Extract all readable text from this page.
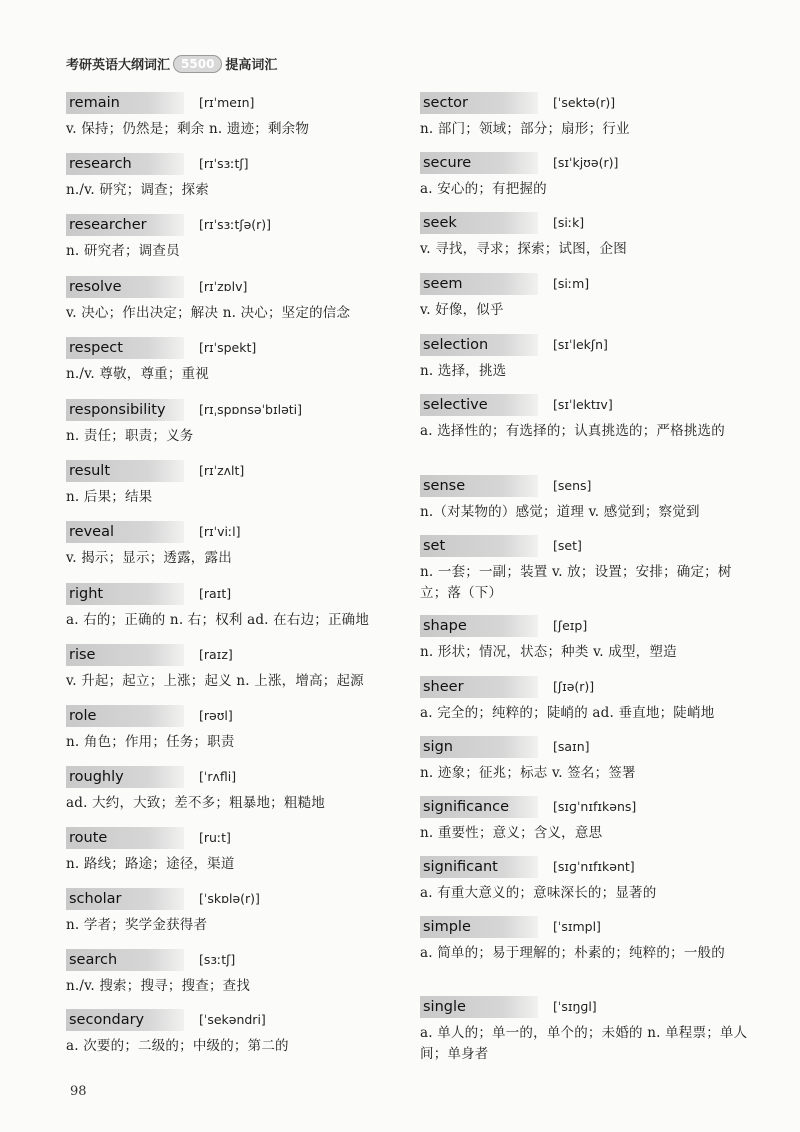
考研英语大纲词汇 5500 提高词汇
remain	[rɪˈmeɪn]
v. 保持；仍然是；剩余 n. 遗迹；剩余物
research	[rɪˈsɜːtʃ]
n./v. 研究；调查；探索
researcher	[rɪˈsɜːtʃə(r)]
n. 研究者；调查员
resolve	[rɪˈzɒlv]
v. 决心；作出决定；解决 n. 决心；坚定的信念
respect	[rɪˈspekt]
n./v. 尊敬，尊重；重视
responsibility	[rɪˌspɒnsəˈbɪləti]
n. 责任；职责；义务
result	[rɪˈzʌlt]
n. 后果；结果
reveal	[rɪˈviːl]
v. 揭示；显示；透露，露出
right	[raɪt]
a. 右的；正确的 n. 右；权利 ad. 在右边；正确地
rise	[raɪz]
v. 升起；起立；上涨；起义 n. 上涨，增高；起源
role	[rəʊl]
n. 角色；作用；任务；职责
roughly	[ˈrʌfli]
ad. 大约，大致；差不多；粗暴地；粗糙地
route	[ruːt]
n. 路线；路途；途径，渠道
scholar	[ˈskɒlə(r)]
n. 学者；奖学金获得者
search	[sɜːtʃ]
n./v. 搜索；搜寻；搜查；查找
secondary	[ˈsekəndri]
a. 次要的；二级的；中级的；第二的
sector	[ˈsektə(r)]
n. 部门；领域；部分；扇形；行业
secure	[sɪˈkjʊə(r)]
a. 安心的；有把握的
seek	[siːk]
v. 寻找，寻求；探索；试图，企图
seem	[siːm]
v. 好像，似乎
selection	[sɪˈlekʃn]
n. 选择，挑选
selective	[sɪˈlektɪv]
a. 选择性的；有选择的；认真挑选的；严格挑选的
sense	[sens]
n.（对某物的）感觉；道理 v. 感觉到；察觉到
set	[set]
n. 一套；一副；装置 v. 放；设置；安排；确定；树立；落（下）
shape	[ʃeɪp]
n. 形状；情况，状态；种类 v. 成型，塑造
sheer	[ʃɪə(r)]
a. 完全的；纯粹的；陡峭的 ad. 垂直地；陡峭地
sign	[saɪn]
n. 迹象；征兆；标志 v. 签名；签署
significance	[sɪɡˈnɪfɪkəns]
n. 重要性；意义；含义，意思
significant	[sɪɡˈnɪfɪkənt]
a. 有重大意义的；意味深长的；显著的
simple	[ˈsɪmpl]
a. 简单的；易于理解的；朴素的；纯粹的；一般的
single	[ˈsɪŋɡl]
a. 单人的；单一的，单个的；未婚的 n. 单程票；单人间；单身者
98
